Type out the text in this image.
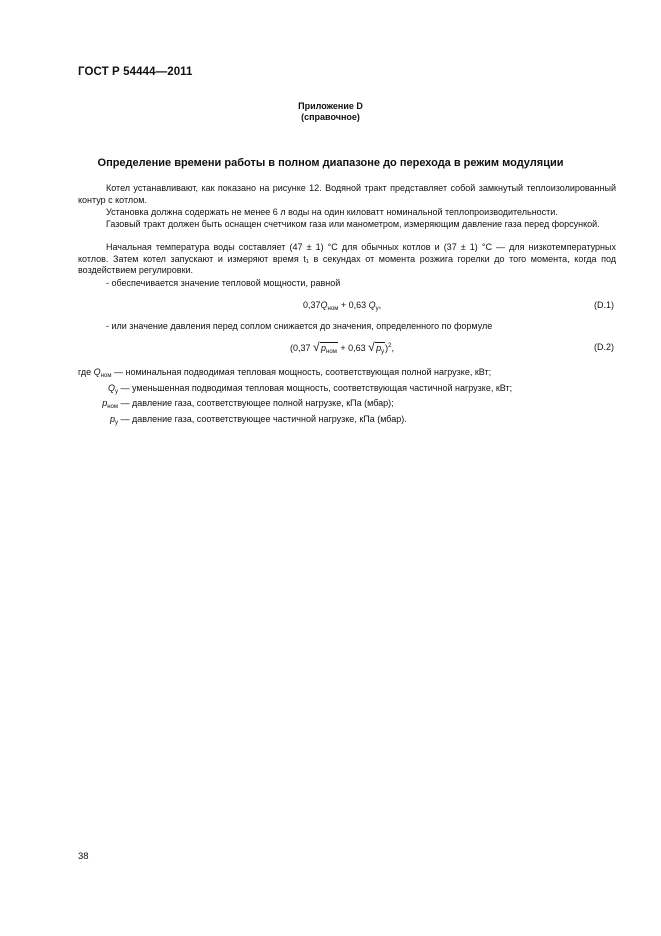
ГОСТ Р 54444—2011
Приложение D
(справочное)
Определение времени работы в полном диапазоне до перехода в режим модуляции
Котел устанавливают, как показано на рисунке 12. Водяной тракт представляет собой замкнутый теплоизолированный контур с котлом.
Установка должна содержать не менее 6 л воды на один киловатт номинальной теплопроизводительности.
Газовый тракт должен быть оснащен счетчиком газа или манометром, измеряющим давление газа перед форсункой.
Начальная температура воды составляет (47 ± 1) °С для обычных котлов и (37 ± 1) °С — для низкотемпературных котлов. Затем котел запускают и измеряют время t₁ в секундах от момента розжига горелки до того момента, когда под воздействием регулировки.
- обеспечивается значение тепловой мощности, равной
$0,37Q_{ном} + 0,63$ $Q_у$,	(D.1)
- или значение давления перед соплом снижается до значения, определенного по формуле
(0,37 √ $p_{ном} + 0,63$ √ $p_у)^2$,	(D.2)
где $Q_{ном}$ — номинальная подводимая тепловая мощность, соответствующая полной нагрузке, кВт;
$Q_у$ — уменьшенная подводимая тепловая мощность, соответствующая частичной нагрузке, кВт;
$p_{ном}$ — давление газа, соответствующее полной нагрузке, кПа (мбар);
$p_у$ — давление газа, соответствующее частичной нагрузке, кПа (мбар).
38
